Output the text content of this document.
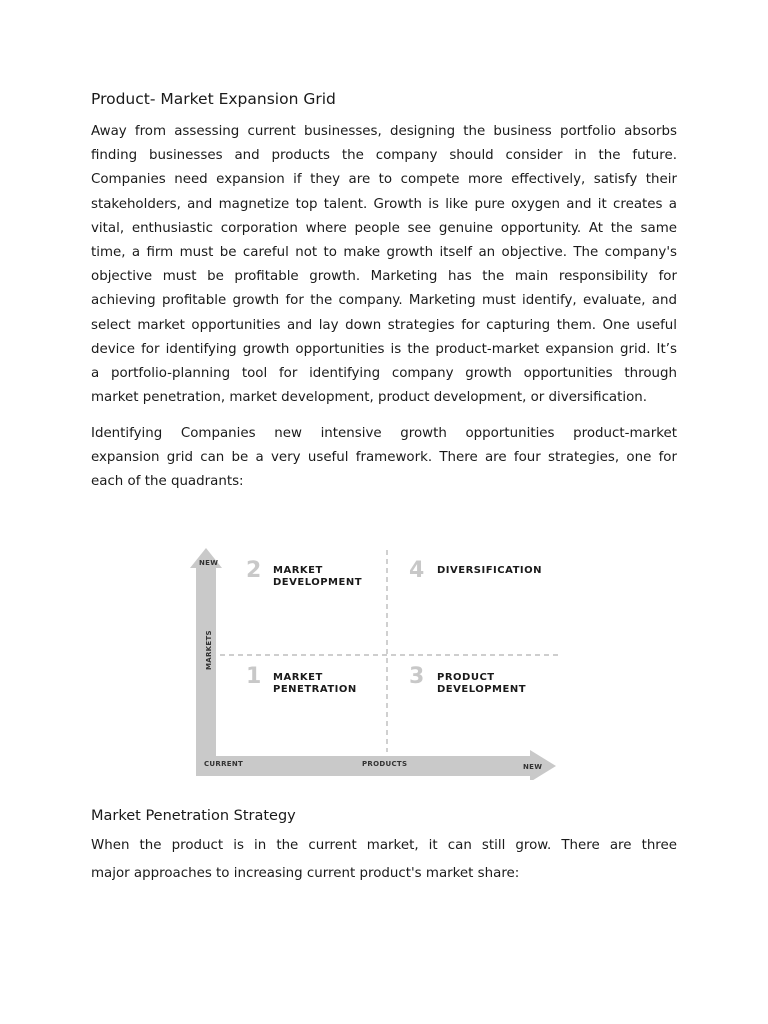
Product- Market Expansion Grid
Away from assessing current businesses, designing the business portfolio absorbs
finding businesses and products the company should consider in the future.
Companies need expansion if they are to compete more effectively, satisfy their
stakeholders, and magnetize top talent. Growth is like pure oxygen and it creates a
vital, enthusiastic corporation where people see genuine opportunity. At the same
time, a firm must be careful not to make growth itself an objective. The company's
objective must be profitable growth. Marketing has the main responsibility for
achieving profitable growth for the company. Marketing must identify, evaluate, and
select market opportunities and lay down strategies for capturing them. One useful
device for identifying growth opportunities is the product-market expansion grid. It’s
a portfolio-planning tool for identifying company growth opportunities through
market penetration, market development, product development, or diversification.
Identifying Companies new intensive growth opportunities product-market
expansion grid can be a very useful framework. There are four strategies, one for
each of the quadrants:
NEW
MARKETS
CURRENT	PRODUCTS	NEW
2 MARKET
DEVELOPMENT 4 DIVERSIFICATION
1 MARKET
PENETRATION
3 PRODUCT
DEVELOPMENT
Market Penetration Strategy
When the product is in the current market, it can still grow. There are three
major approaches to increasing current product's market share:
